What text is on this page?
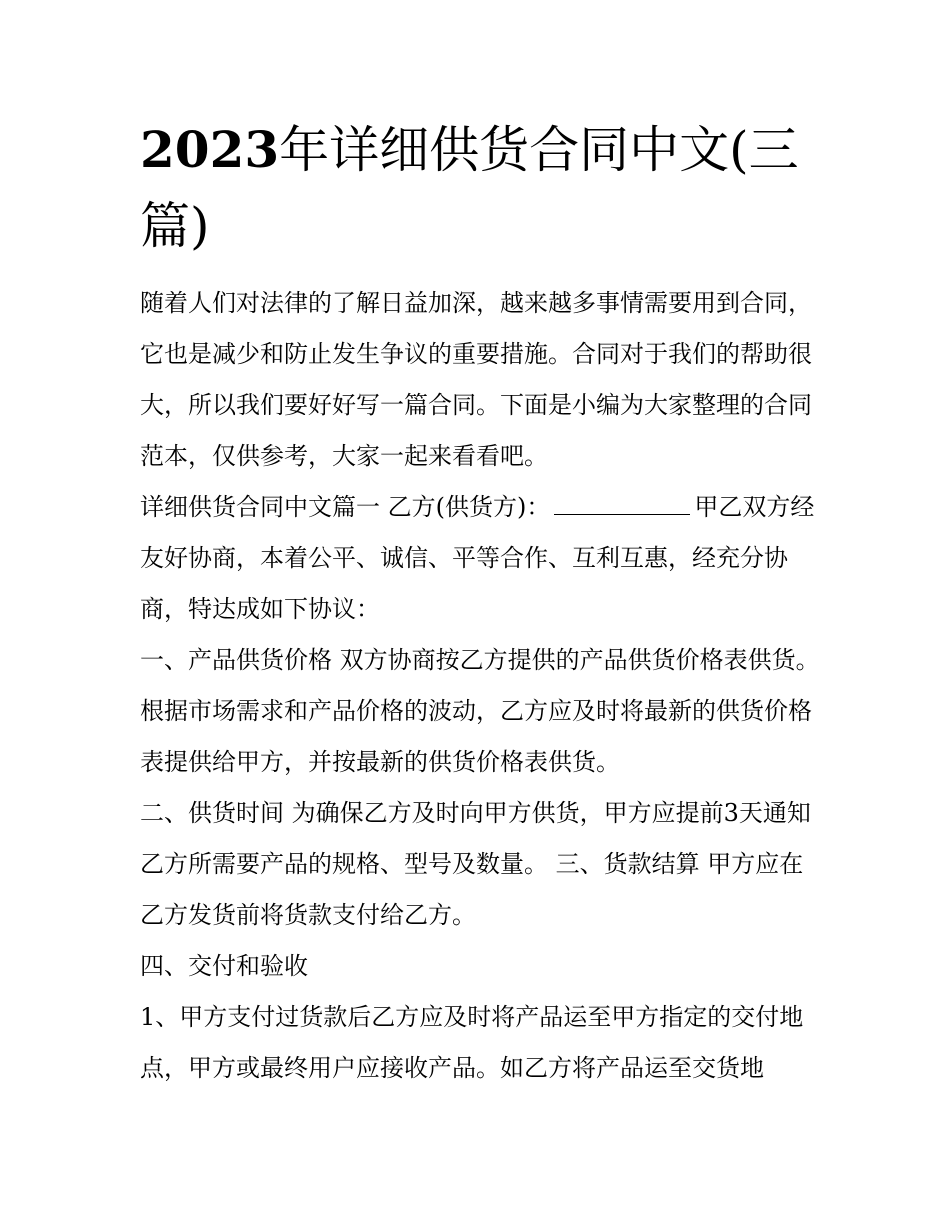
2023年详细供货合同中文(三篇)

随着人们对法律的了解日益加深，越来越多事情需要用到合同，它也是减少和防止发生争议的重要措施。合同对于我们的帮助很大，所以我们要好好写一篇合同。下面是小编为大家整理的合同范本，仅供参考，大家一起来看看吧。

详细供货合同中文篇一 乙方(供货方)：	甲乙双方经友好协商，本着公平、诚信、平等合作、互利互惠，经充分协商，特达成如下协议：

一、产品供货价格 双方协商按乙方提供的产品供货价格表供货。根据市场需求和产品价格的波动，乙方应及时将最新的供货价格表提供给甲方，并按最新的供货价格表供货。

二、供货时间 为确保乙方及时向甲方供货，甲方应提前3天通知乙方所需要产品的规格、型号及数量。 三、货款结算 甲方应在乙方发货前将货款支付给乙方。

四、交付和验收

1、甲方支付过货款后乙方应及时将产品运至甲方指定的交付地点，甲方或最终用户应接收产品。如乙方将产品运至交货地
